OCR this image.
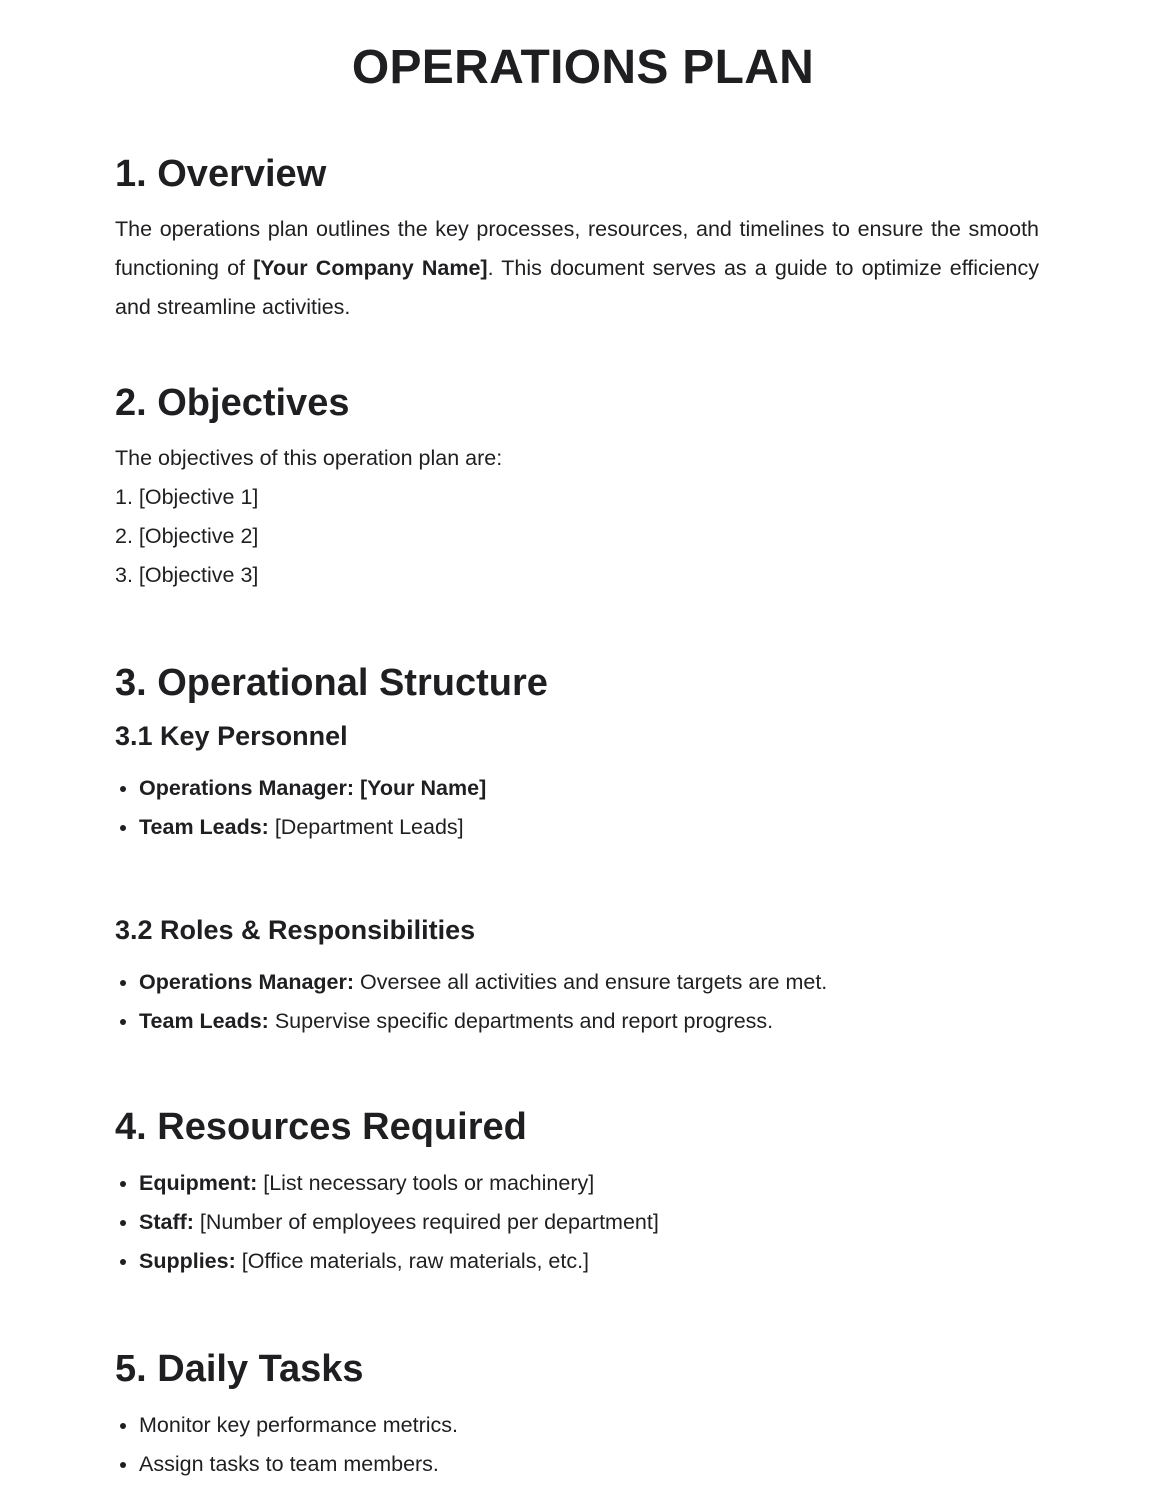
OPERATIONS PLAN
1. Overview

The operations plan outlines the key processes, resources, and timelines to ensure the smooth functioning of [Your Company Name]. This document serves as a guide to optimize efficiency and streamline activities.

2. Objectives

The objectives of this operation plan are:

1. [Objective 1]

2. [Objective 2]

3. [Objective 3]

3. Operational Structure
3.1 Key Personnel
Operations Manager: [Your Name]
Team Leads: [Department Leads]
3.2 Roles & Responsibilities
Operations Manager: Oversee all activities and ensure targets are met.
Team Leads: Supervise specific departments and report progress.
4. Resources Required
Equipment: [List necessary tools or machinery]
Staff: [Number of employees required per department]
Supplies: [Office materials, raw materials, etc.]
5. Daily Tasks
Monitor key performance metrics.
Assign tasks to team members.
